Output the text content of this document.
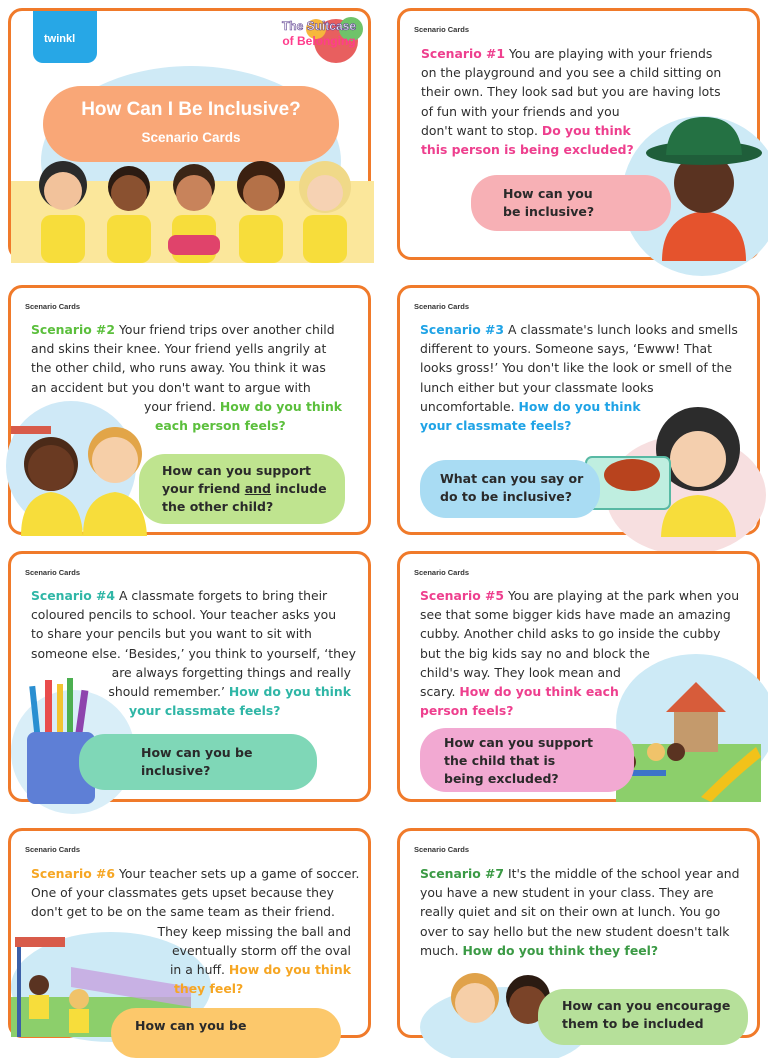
twinkl
The Suitcase
of Belonging
How Can I Be Inclusive?
Scenario Cards
Scenario Cards

Scenario #1 You are playing with your friends

on the playground and you see a child sitting on

their own. They look sad but you are having lots

of fun with your friends and you

don't want to stop. Do you think

this person is being excluded?

How can you

be inclusive?

Scenario Cards

Scenario #2 Your friend trips over another child

and skins their knee. Your friend yells angrily at

the other child, who runs away. You think it was

an accident but you don't want to argue with

your friend. How do you think

each person feels?

How can you support

your friend and include

the other child?

Scenario Cards

Scenario #3 A classmate's lunch looks and smells

different to yours. Someone says, ‘Ewww! That

looks gross!’ You don't like the look or smell of the

lunch either but your classmate looks

uncomfortable. How do you think

your classmate feels?

What can you say or

do to be inclusive?

Scenario Cards

Scenario #4 A classmate forgets to bring their

coloured pencils to school. Your teacher asks you

to share your pencils but you want to sit with

someone else. ‘Besides,’ you think to yourself, ‘they

are always forgetting things and really

should remember.’ How do you think

your classmate feels?

How can you be

inclusive?

Scenario Cards

Scenario #5 You are playing at the park when you

see that some bigger kids have made an amazing

cubby. Another child asks to go inside the cubby

but the big kids say no and block the

child's way. They look mean and

scary. How do you think each

person feels?

How can you support

the child that is

being excluded?

Scenario Cards

Scenario #6 Your teacher sets up a game of soccer.

One of your classmates gets upset because they

don't get to be on the same team as their friend.

They keep missing the ball and

eventually storm off the oval

in a huff. How do you think

they feel?

How can you be

Scenario Cards

Scenario #7 It's the middle of the school year and

you have a new student in your class. They are

really quiet and sit on their own at lunch. You go

over to say hello but the new student doesn't talk

much. How do you think they feel?

How can you encourage

them to be included
